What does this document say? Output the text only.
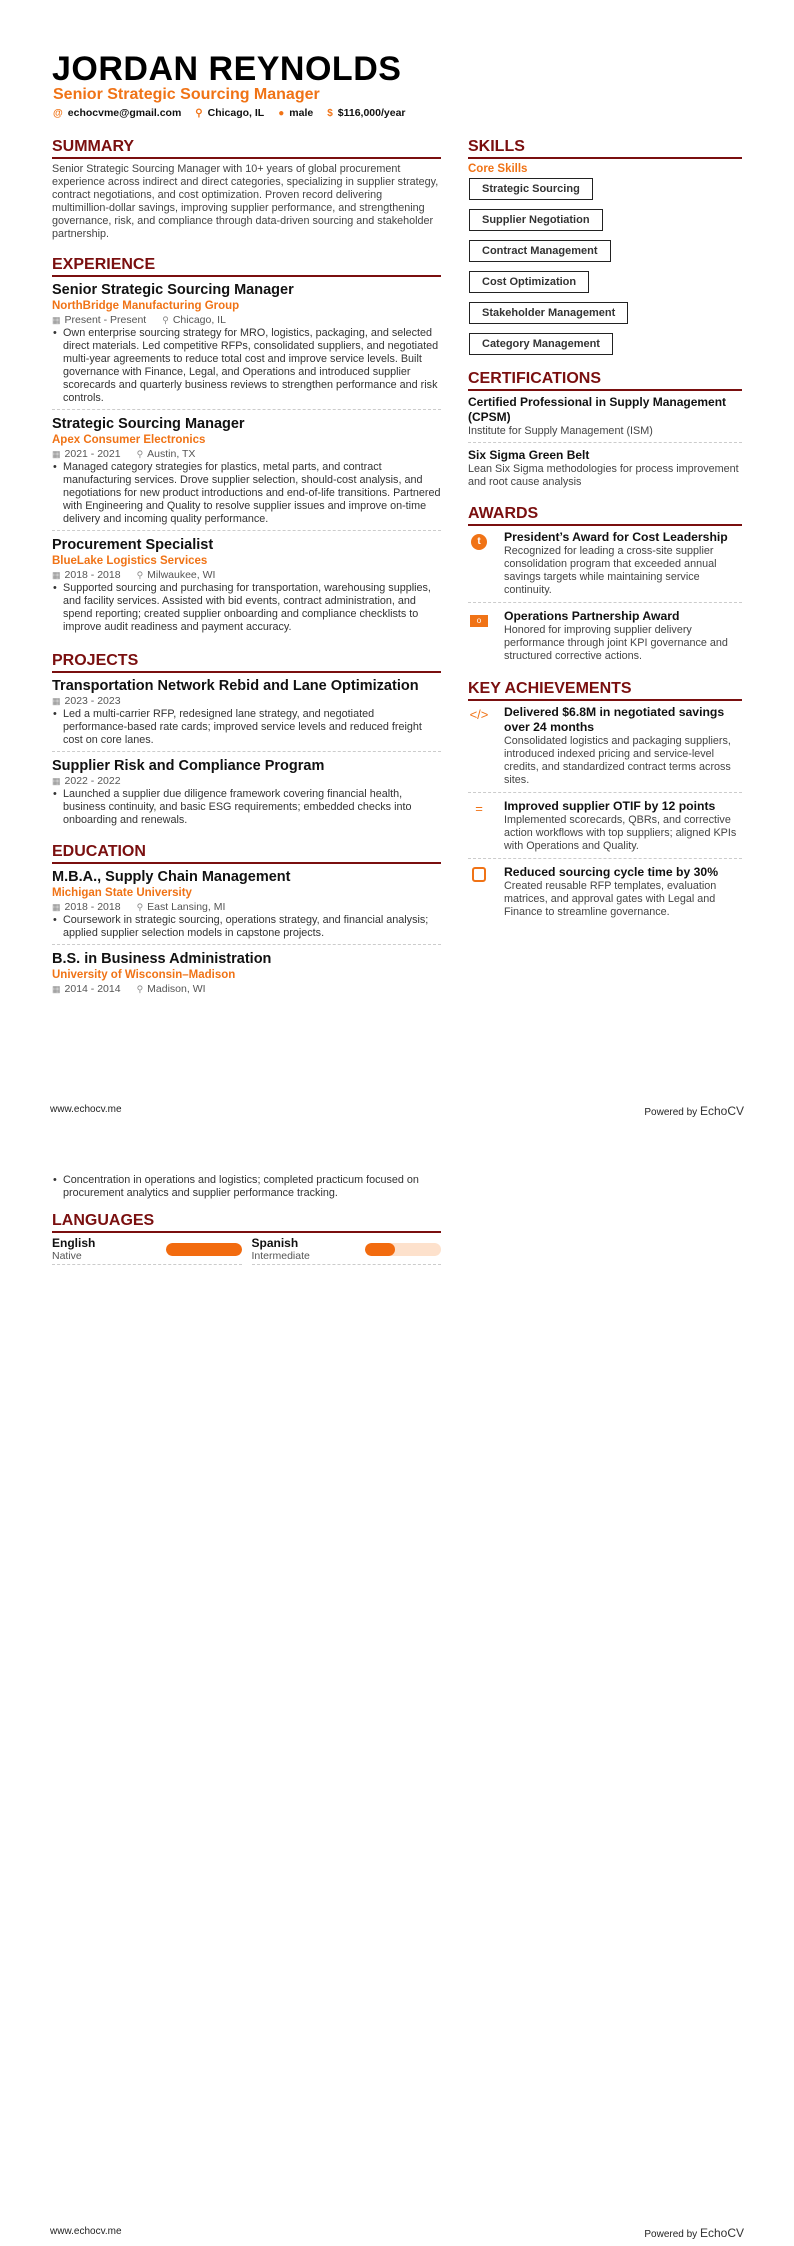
JORDAN REYNOLDS
Senior Strategic Sourcing Manager
@ echocvme@gmail.com ⚲ Chicago, IL ● male $ $116,000/year
SUMMARY

Senior Strategic Sourcing Manager with 10+ years of global procurement experience across indirect and direct categories, specializing in supplier strategy, contract negotiations, and cost optimization. Proven record delivering multimillion-dollar savings, improving supplier performance, and strengthening governance, risk, and compliance through data-driven sourcing and stakeholder partnership.

EXPERIENCE
Senior Strategic Sourcing Manager
NorthBridge Manufacturing Group
▦ Present - Present ⚲ Chicago, IL
• Own enterprise sourcing strategy for MRO, logistics, packaging, and selected direct materials. Led competitive RFPs, consolidated suppliers, and negotiated multi-year agreements to reduce total cost and improve service levels. Built governance with Finance, Legal, and Operations and introduced supplier scorecards and quarterly business reviews to strengthen performance and risk controls.
Strategic Sourcing Manager
Apex Consumer Electronics
▦ 2021 - 2021 ⚲ Austin, TX
• Managed category strategies for plastics, metal parts, and contract manufacturing services. Drove supplier selection, should-cost analysis, and negotiations for new product introductions and end-of-life transitions. Partnered with Engineering and Quality to resolve supplier issues and improve on-time delivery and incoming quality performance.
Procurement Specialist
BlueLake Logistics Services
▦ 2018 - 2018 ⚲ Milwaukee, WI
• Supported sourcing and purchasing for transportation, warehousing supplies, and facility services. Assisted with bid events, contract administration, and spend reporting; created supplier onboarding and compliance checklists to improve audit readiness and payment accuracy.
PROJECTS
Transportation Network Rebid and Lane Optimization
▦ 2023 - 2023
• Led a multi-carrier RFP, redesigned lane strategy, and negotiated performance-based rate cards; improved service levels and reduced freight cost on core lanes.
Supplier Risk and Compliance Program
▦ 2022 - 2022
• Launched a supplier due diligence framework covering financial health, business continuity, and basic ESG requirements; embedded checks into onboarding and renewals.
EDUCATION
M.B.A., Supply Chain Management
Michigan State University
▦ 2018 - 2018 ⚲ East Lansing, MI
• Coursework in strategic sourcing, operations strategy, and financial analysis; applied supplier selection models in capstone projects.
B.S. in Business Administration
University of Wisconsin–Madison
▦ 2014 - 2014 ⚲ Madison, WI
SKILLS
Core Skills
Strategic Sourcing
Supplier Negotiation
Contract Management
Cost Optimization
Stakeholder Management
Category Management
CERTIFICATIONS
Certified Professional in Supply Management (CPSM)
Institute for Supply Management (ISM)
Six Sigma Green Belt
Lean Six Sigma methodologies for process improvement and root cause analysis
AWARDS
t	President’s Award for Cost Leadership
Recognized for leading a cross-site supplier consolidation program that exceeded annual savings targets while maintaining service continuity.
o	Operations Partnership Award
Honored for improving supplier delivery performance through joint KPI governance and structured corrective actions.
KEY ACHIEVEMENTS
</> Delivered $6.8M in negotiated savings over 24 months
Consolidated logistics and packaging suppliers, introduced indexed pricing and service-level credits, and standardized contract terms across sites.
=	Improved supplier OTIF by 12 points
Implemented scorecards, QBRs, and corrective action workflows with top suppliers; aligned KPIs with Operations and Quality.
Reduced sourcing cycle time by 30%
Created reusable RFP templates, evaluation matrices, and approval gates with Legal and Finance to streamline governance.
www.echocv.me	Powered by EchoCV
• Concentration in operations and logistics; completed practicum focused on procurement analytics and supplier performance tracking.
LANGUAGES
English
Native
Spanish
Intermediate
www.echocv.me	Powered by EchoCV
